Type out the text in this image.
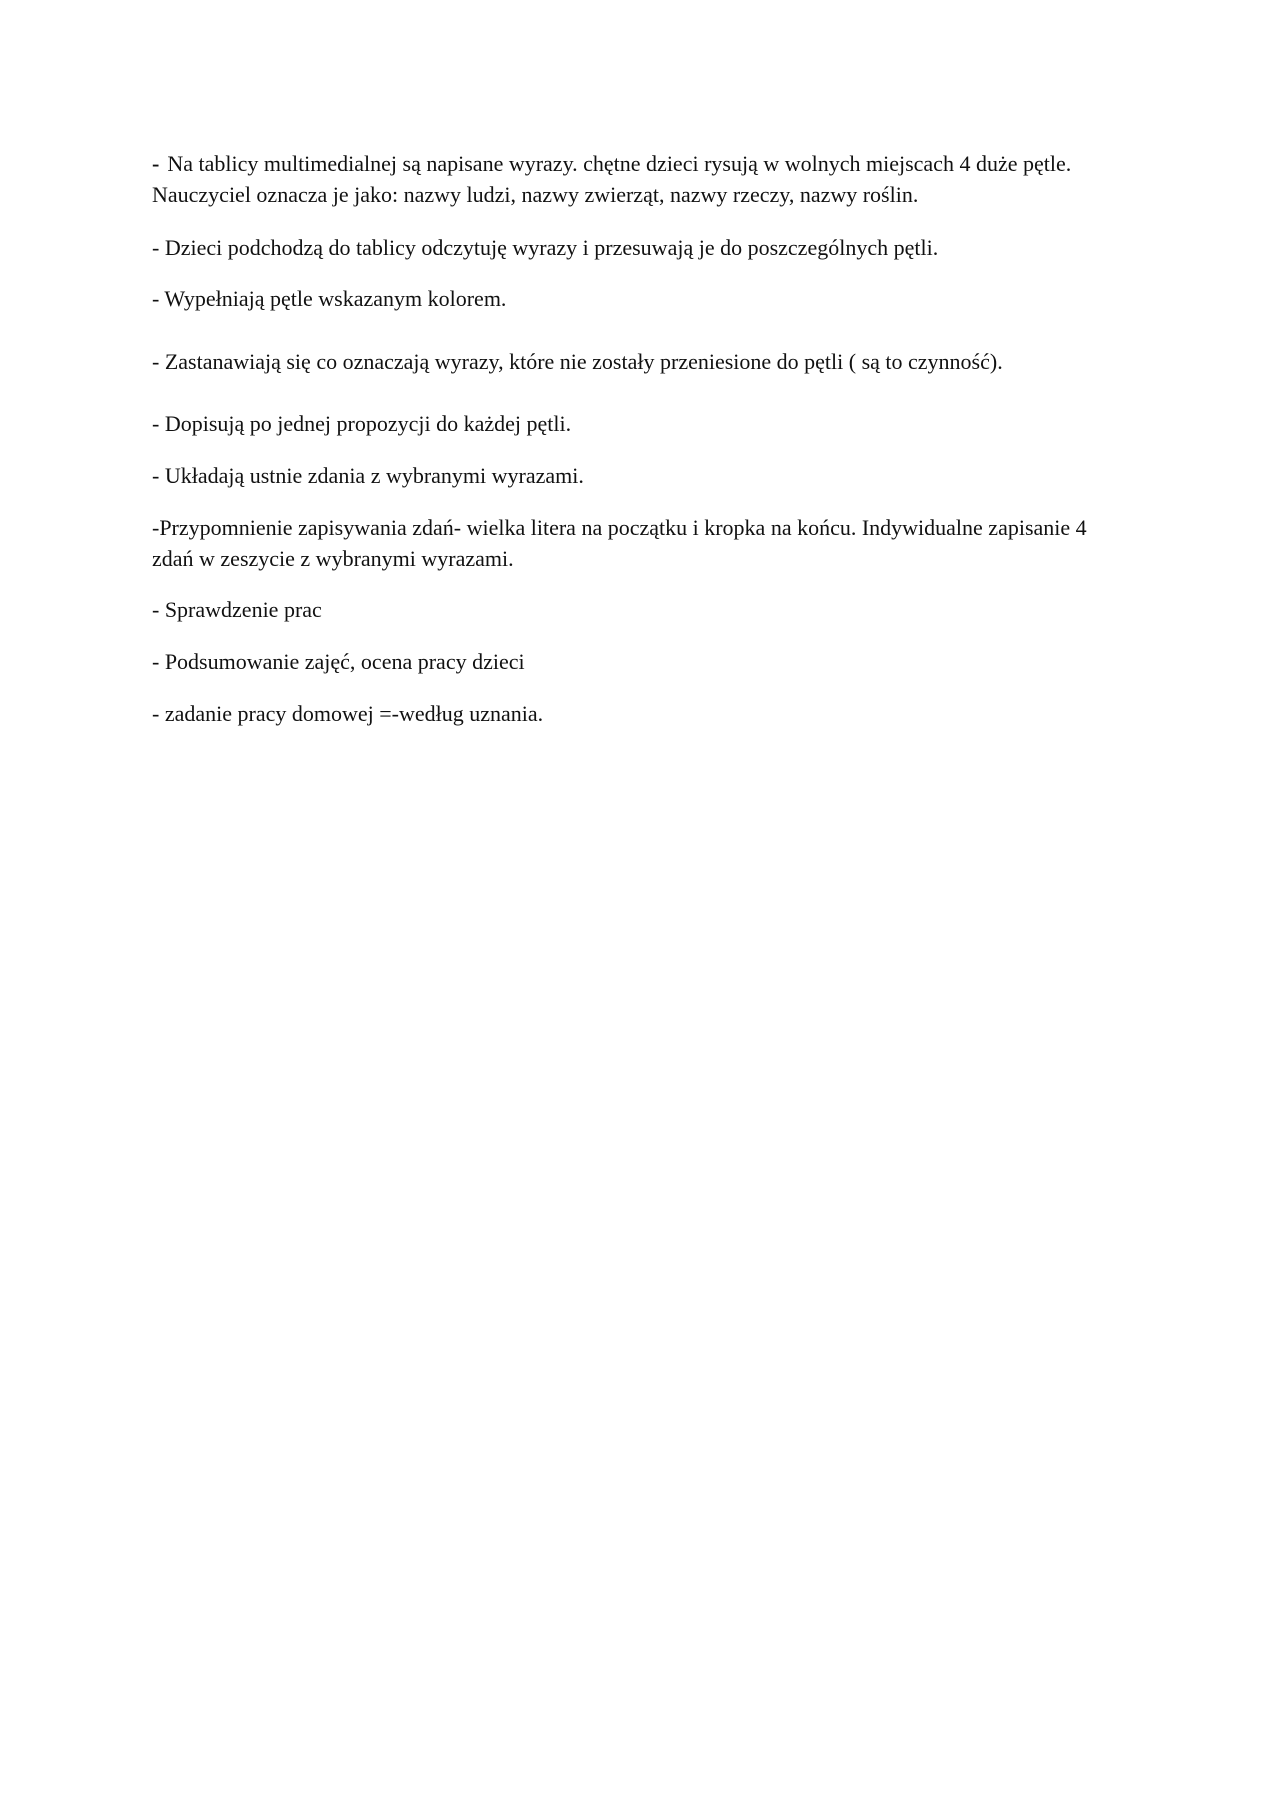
- Na tablicy multimedialnej są napisane wyrazy. chętne dzieci rysują w wolnych miejscach 4 duże pętle. Nauczyciel oznacza je jako: nazwy ludzi, nazwy zwierząt, nazwy rzeczy, nazwy roślin.

- Dzieci podchodzą do tablicy odczytuję wyrazy i przesuwają je do poszczególnych pętli.

- Wypełniają pętle wskazanym kolorem.

- Zastanawiają się co oznaczają wyrazy, które nie zostały przeniesione do pętli ( są to czynność).

- Dopisują po jednej propozycji do każdej pętli.

- Układają ustnie zdania z wybranymi wyrazami.

-Przypomnienie zapisywania zdań- wielka litera na początku i kropka na końcu. Indywidualne zapisanie 4 zdań w zeszycie z wybranymi wyrazami.

- Sprawdzenie prac

- Podsumowanie zajęć, ocena pracy dzieci

- zadanie pracy domowej =-według uznania.
